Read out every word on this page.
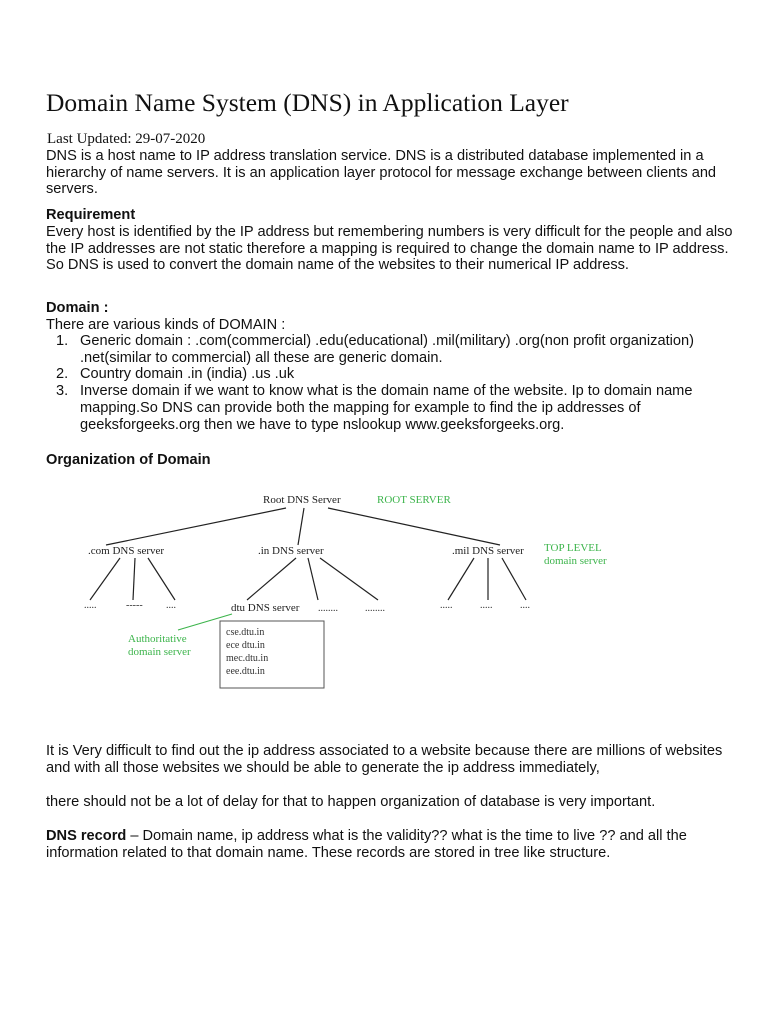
Domain Name System (DNS) in Application Layer
Last Updated: 29-07-2020

DNS is a host name to IP address translation service. DNS is a distributed database implemented in a hierarchy of name servers. It is an application layer protocol for message exchange between clients and servers.

Requirement

Every host is identified by the IP address but remembering numbers is very difficult for the people and also the IP addresses are not static therefore a mapping is required to change the domain name to IP address. So DNS is used to convert the domain name of the websites to their numerical IP address.

Domain :

There are various kinds of DOMAIN :

1. Generic domain : .com(commercial) .edu(educational) .mil(military) .org(non profit organization) .net(similar to commercial) all these are generic domain.
2. Country domain .in (india) .us .uk
3. Inverse domain if we want to know what is the domain name of the website. Ip to domain name mapping.So DNS can provide both the mapping for example to find the ip addresses of geeksforgeeks.org then we have to type nslookup www.geeksforgeeks.org.
Organization of Domain
Root DNS Server	ROOT SERVER
.com DNS server	.in DNS server	.mil DNS server TOP LEVEL
domain server
.....	----- ....	dtu DNS server ........	........	.....	.....	....
Authoritative
domain server
cse.dtu.in
ece dtu.in
mec.dtu.in
eee.dtu.in

It is Very difficult to find out the ip address associated to a website because there are millions of websites and with all those websites we should be able to generate the ip address immediately,

there should not be a lot of delay for that to happen organization of database is very important.

DNS record – Domain name, ip address what is the validity?? what is the time to live ?? and all the information related to that domain name. These records are stored in tree like structure.
